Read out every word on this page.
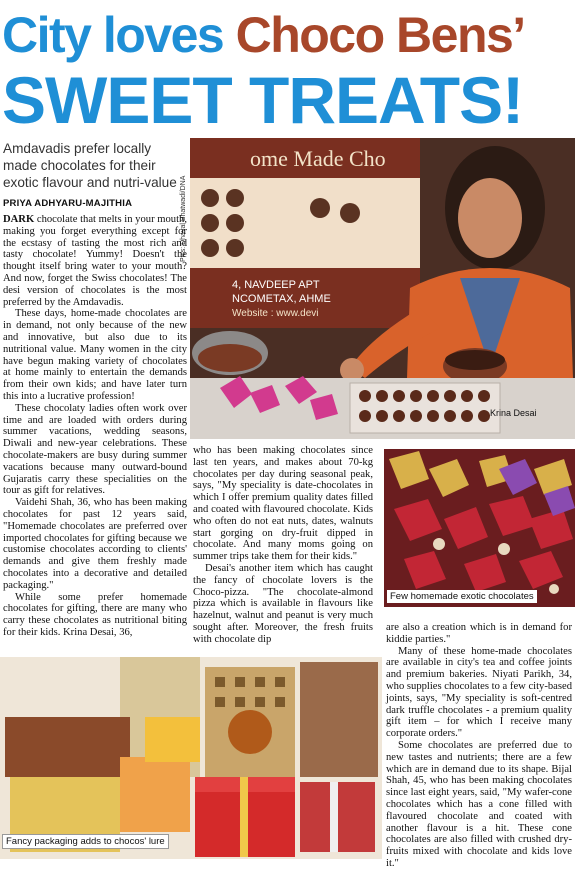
City loves Choco Bens’
SWEET TREATS!
Amdavadis prefer locally made chocolates for their exotic flavour and nutri-value
PRIYA ADHYARU-MAJITHIA
ome Made Cho
4, NAVDEEP APT
NCOMETAX, AHME
Website : www.devi
Pics: Dhaval Bhatwadi/DNA
Krina Desai
Few homemade exotic chocolates
Fancy packaging adds to chocos' lure

DARK chocolate that melts in your mouth, making you forget everything except for the ecstasy of tasting the most rich and tasty chocolate! Yummy! Doesn't the thought itself bring water to your mouth? And now, forget the Swiss chocolates! The desi version of chocolates is the most preferred by the Amdavadis.

These days, home-made chocolates are in demand, not only because of the new and innovative, but also due to its nutritional value. Many women in the city have begun making variety of chocolates at home mainly to entertain the demands from their own kids; and have later turn this into a lucrative profession!

These chocolaty ladies often work over time and are loaded with orders during summer vacations, wedding seasons, Diwali and new-year celebrations. These chocolate-makers are busy during summer vacations because many outward-bound Gujaratis carry these specialities on the tour as gift for relatives.

Vaidehi Shah, 36, who has been making chocolates for past 12 years said, "Homemade chocolates are preferred over imported chocolates for gifting because we customise chocolates according to clients' demands and give them freshly made chocolates into a decorative and detailed packaging."

While some prefer homemade chocolates for gifting, there are many who carry these chocolates as nutritional biting for their kids. Krina Desai, 36,

who has been making chocolates since last ten years, and makes about 70-kg chocolates per day during seasonal peak, says, "My speciality is date-chocolates in which I offer premium quality dates filled and coated with flavoured chocolate. Kids who often do not eat nuts, dates, walnuts start gorging on dry-fruit dipped in chocolate. And many moms going on summer trips take them for their kids."

Desai's another item which has caught the fancy of chocolate lovers is the Choco-pizza. "The chocolate-almond pizza which is available in flavours like hazelnut, walnut and peanut is very much sought after. Moreover, the fresh fruits with chocolate dip

are also a creation which is in demand for kiddie parties."

Many of these home-made chocolates are available in city's tea and coffee joints and premium bakeries. Niyati Parikh, 34, who supplies chocolates to a few city-based joints, says, "My speciality is soft-centred dark truffle chocolates - a premium quality gift item – for which I receive many corporate orders."

Some chocolates are preferred due to new tastes and nutrients; there are a few which are in demand due to its shape. Bijal Shah, 45, who has been making chocolates since last eight years, said, "My wafer-cone chocolates which has a cone filled with flavoured chocolate and coated with another flavour is a hit. These cone chocolates are also filled with crushed dry-fruits mixed with chocolate and kids love it."
